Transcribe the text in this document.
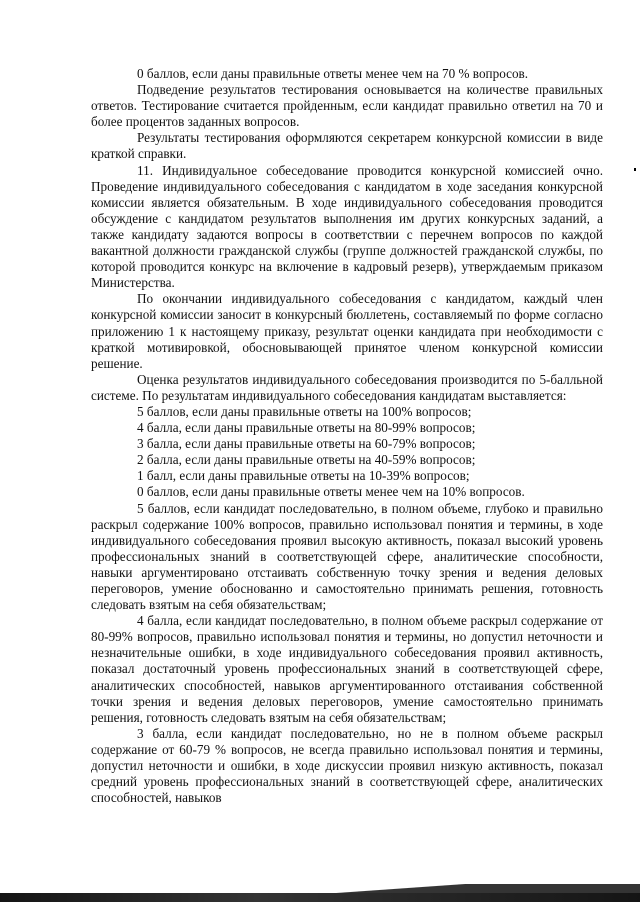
0 баллов, если даны правильные ответы менее чем на 70 % вопросов.

Подведение результатов тестирования основывается на количестве правильных ответов. Тестирование считается пройденным, если кандидат правильно ответил на 70 и более процентов заданных вопросов.

Результаты тестирования оформляются секретарем конкурсной комиссии в виде краткой справки.

11. Индивидуальное собеседование проводится конкурсной комиссией очно. Проведение индивидуального собеседования с кандидатом в ходе заседания конкурсной комиссии является обязательным. В ходе индивидуального собеседования проводится обсуждение с кандидатом результатов выполнения им других конкурсных заданий, а также кандидату задаются вопросы в соответствии с перечнем вопросов по каждой вакантной должности гражданской службы (группе должностей гражданской службы, по которой проводится конкурс на включение в кадровый резерв), утверждаемым приказом Министерства.

По окончании индивидуального собеседования с кандидатом, каждый член конкурсной комиссии заносит в конкурсный бюллетень, составляемый по форме согласно приложению 1 к настоящему приказу, результат оценки кандидата при необходимости с краткой мотивировкой, обосновывающей принятое членом конкурсной комиссии решение.

Оценка результатов индивидуального собеседования производится по 5-балльной системе. По результатам индивидуального собеседования кандидатам выставляется:

5 баллов, если даны правильные ответы на 100% вопросов;

4 балла, если даны правильные ответы на 80-99% вопросов;

3 балла, если даны правильные ответы на 60-79% вопросов;

2 балла, если даны правильные ответы на 40-59% вопросов;

1 балл, если даны правильные ответы на 10-39% вопросов;

0 баллов, если даны правильные ответы менее чем на 10% вопросов.

5 баллов, если кандидат последовательно, в полном объеме, глубоко и правильно раскрыл содержание 100% вопросов, правильно использовал понятия и термины, в ходе индивидуального собеседования проявил высокую активность, показал высокий уровень профессиональных знаний в соответствующей сфере, аналитические способности, навыки аргументировано отстаивать собственную точку зрения и ведения деловых переговоров, умение обоснованно и самостоятельно принимать решения, готовность следовать взятым на себя обязательствам;

4 балла, если кандидат последовательно, в полном объеме раскрыл содержание от 80-99% вопросов, правильно использовал понятия и термины, но допустил неточности и незначительные ошибки, в ходе индивидуального собеседования проявил активность, показал достаточный уровень профессиональных знаний в соответствующей сфере, аналитических способностей, навыков аргументированного отстаивания собственной точки зрения и ведения деловых переговоров, умение самостоятельно принимать решения, готовность следовать взятым на себя обязательствам;

3 балла, если кандидат последовательно, но не в полном объеме раскрыл содержание от 60-79 % вопросов, не всегда правильно использовал понятия и термины, допустил неточности и ошибки, в ходе дискуссии проявил низкую активность, показал средний уровень профессиональных знаний в соответствующей сфере, аналитических способностей, навыков
